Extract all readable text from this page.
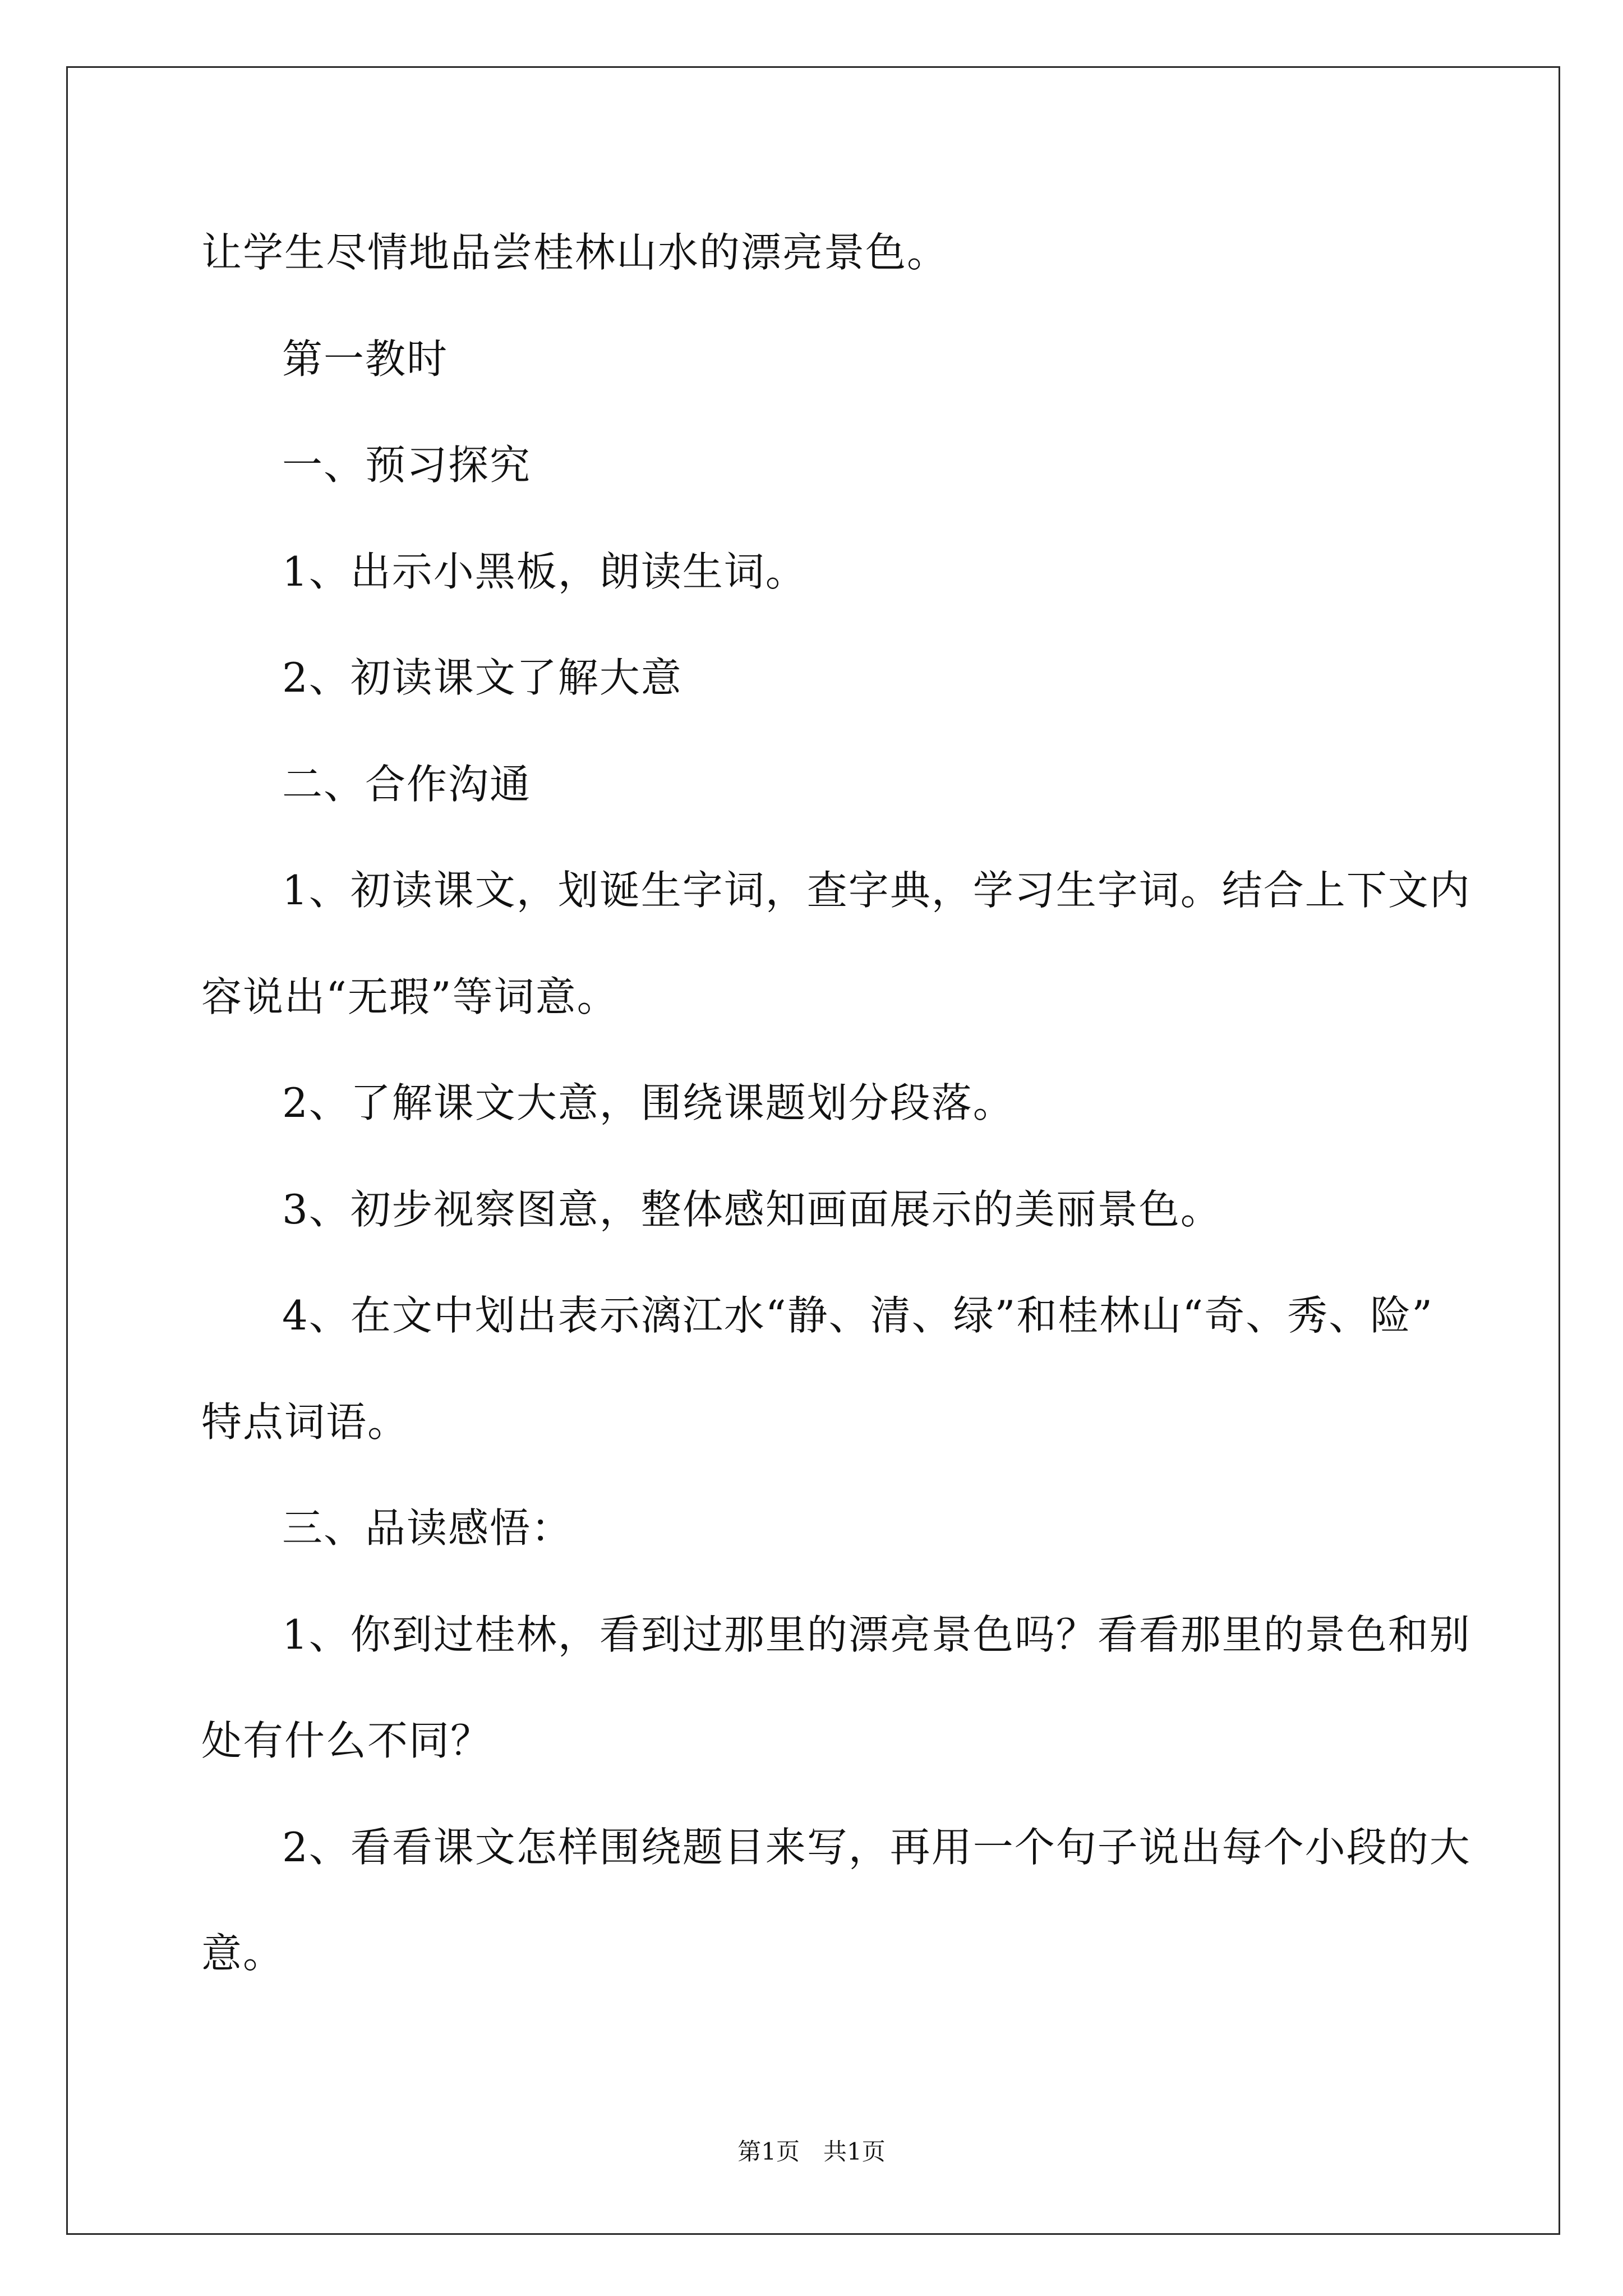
让学生尽情地品尝桂林山水的漂亮景色。
第一教时
一、预习探究
1、出示小黑板，朗读生词。
2、初读课文了解大意
二、合作沟通
1、初读课文，划诞生字词，查字典，学习生字词。结合上下文内
容说出“无瑕”等词意。
2、了解课文大意，围绕课题划分段落。
3、初步视察图意，整体感知画面展示的美丽景色。
4、在文中划出表示漓江水“静、清、绿”和桂林山“奇、秀、险”
特点词语。
三、品读感悟：
1、你到过桂林，看到过那里的漂亮景色吗？看看那里的景色和别
处有什么不同？
2、看看课文怎样围绕题目来写，再用一个句子说出每个小段的大
意。
第1页　共1页
